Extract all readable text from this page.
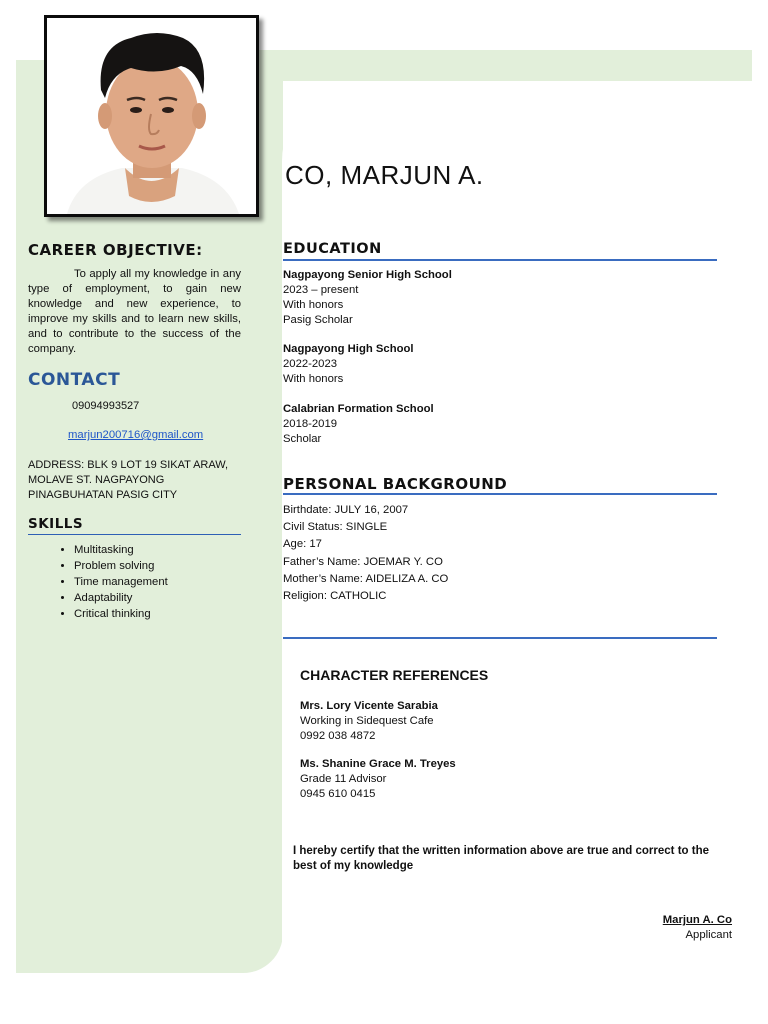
CO, MARJUN A.
CAREER OBJECTIVE:
To apply all my knowledge in any type of employment, to gain new knowledge and new experience, to improve my skills and to learn new skills, and to contribute to the success of the company.
CONTACT
09094993527
marjun200716@gmail.com
ADDRESS: BLK 9 LOT 19 SIKAT ARAW, MOLAVE ST. NAGPAYONG PINAGBUHATAN PASIG CITY
SKILLS
• Multitasking
• Problem solving
• Time management
• Adaptability
• Critical thinking
EDUCATION
Nagpayong Senior High School
2023 – present
With honors
Pasig Scholar
Nagpayong High School
2022-2023
With honors
Calabrian Formation School
2018-2019
Scholar
PERSONAL BACKGROUND
Birthdate: JULY 16, 2007
Civil Status: SINGLE
Age: 17
Father’s Name: JOEMAR Y. CO
Mother’s Name: AIDELIZA A. CO
Religion: CATHOLIC
CHARACTER REFERENCES
Mrs. Lory Vicente Sarabia
Working in Sidequest Cafe
0992 038 4872
Ms. Shanine Grace M. Treyes
Grade 11 Advisor
0945 610 0415
I hereby certify that the written information above are true and correct to the best of my knowledge
Marjun A. Co
Applicant
